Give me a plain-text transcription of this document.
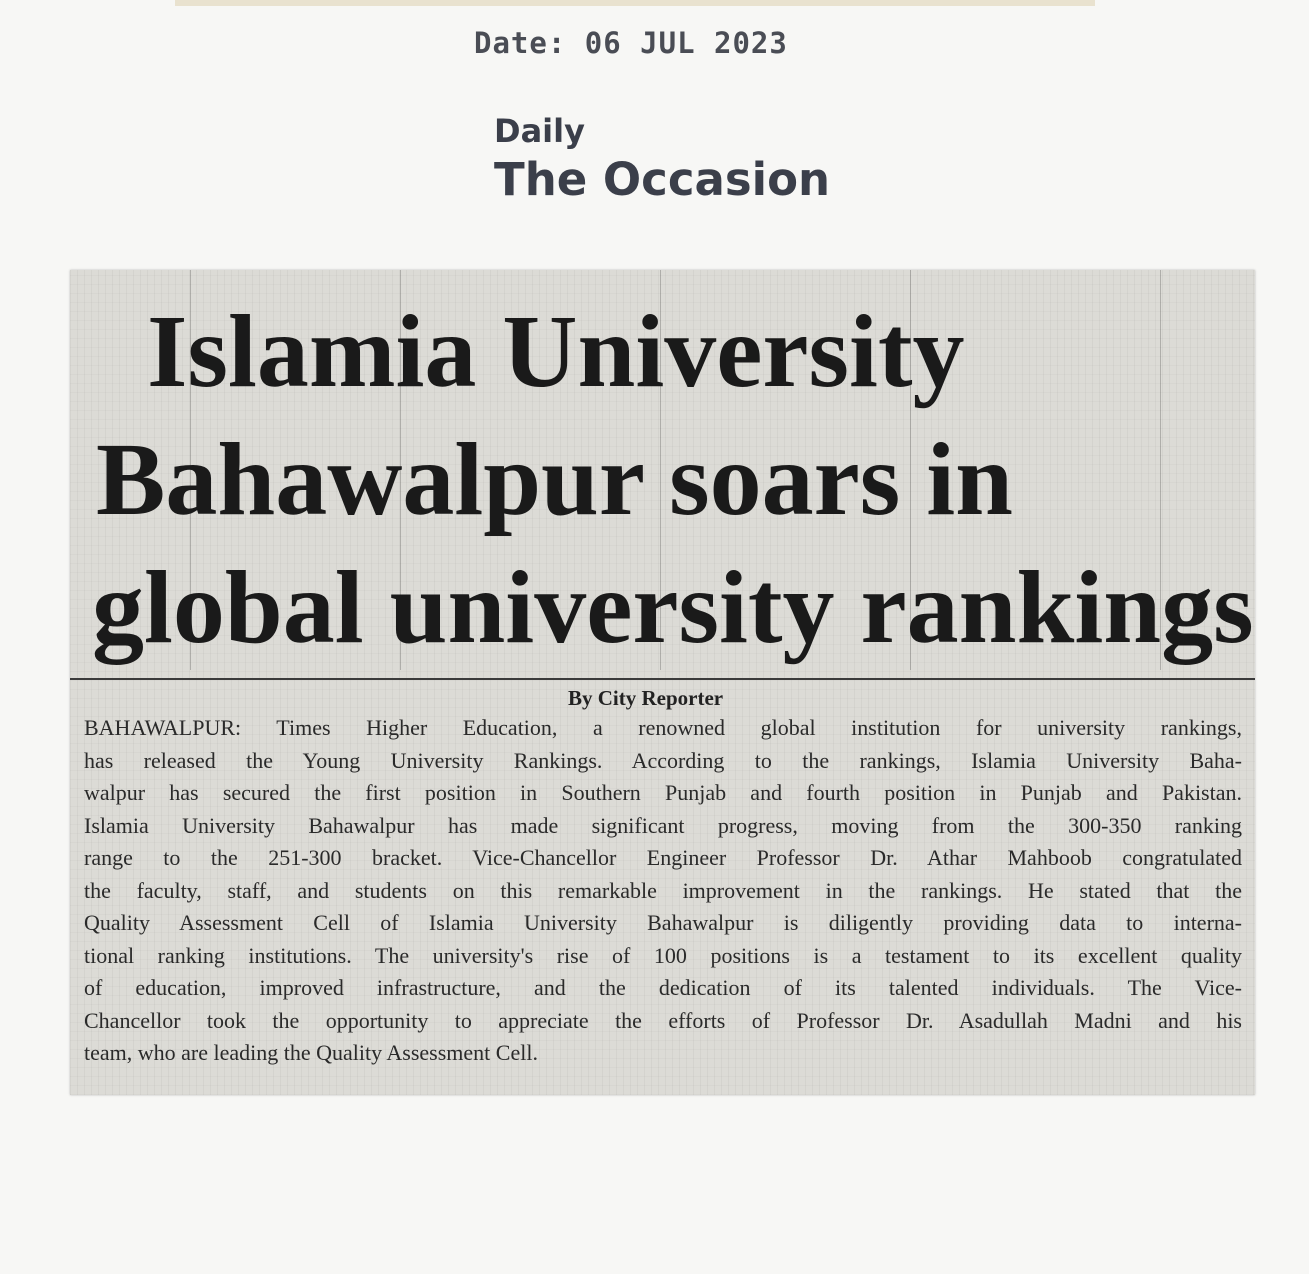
Date: 06 JUL 2023
Daily
The Occasion
Islamia University
Bahawalpur soars in
global university rankings
By City Reporter
BAHAWALPUR: Times Higher Education, a renowned global institution for university rankings,
has released the Young University Rankings. According to the rankings, Islamia University Baha-
walpur has secured the first position in Southern Punjab and fourth position in Punjab and Pakistan.
Islamia University Bahawalpur has made significant progress, moving from the 300-350 ranking
range to the 251-300 bracket. Vice-Chancellor Engineer Professor Dr. Athar Mahboob congratulated
the faculty, staff, and students on this remarkable improvement in the rankings. He stated that the
Quality Assessment Cell of Islamia University Bahawalpur is diligently providing data to interna-
tional ranking institutions. The university's rise of 100 positions is a testament to its excellent quality
of education, improved infrastructure, and the dedication of its talented individuals. The Vice-
Chancellor took the opportunity to appreciate the efforts of Professor Dr. Asadullah Madni and his
team, who are leading the Quality Assessment Cell.
